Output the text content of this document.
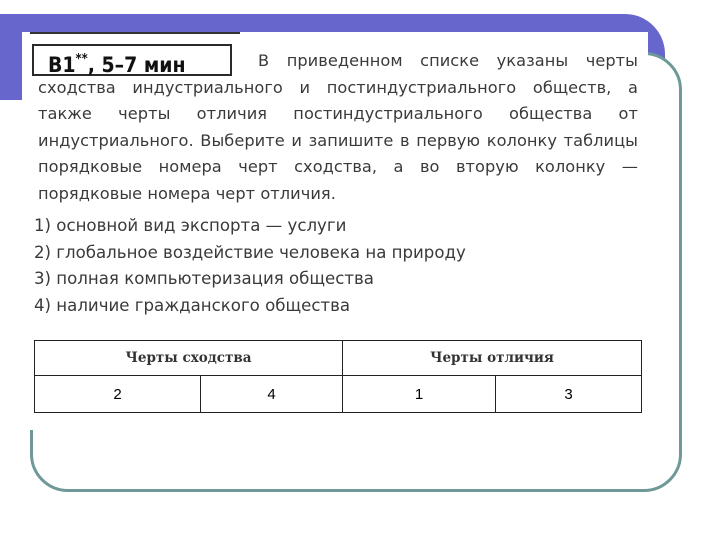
В1**, 5–7 мин	В приведенном списке указаны черты сходства индустриального и постиндустриального обществ, а также черты отличия постиндустриального общества от индустриального. Выберите и запишите в первую колонку таблицы порядковые номера черт сходства, а во вторую колонку — порядковые номера черт отличия.
1) основной вид экспорта — услуги
2) глобальное воздействие человека на природу
3) полная компьютеризация общества
4) наличие гражданского общества
Черты сходства		Черты отличия	
2	4	1	3
